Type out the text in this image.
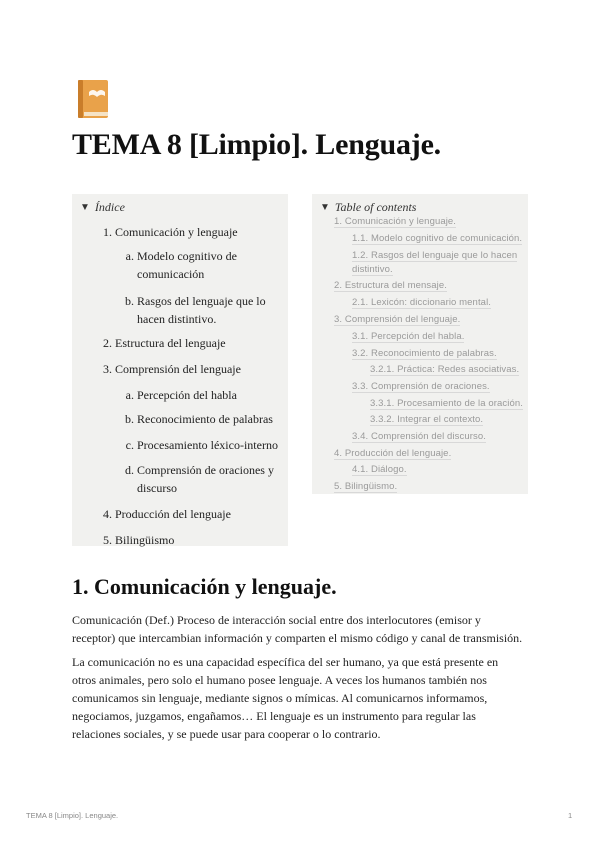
TEMA 8 [Limpio]. Lenguaje.
▼ Índice
1. Comunicación y lenguaje
a. Modelo cognitivo de
comunicación
b. Rasgos del lenguaje que lo
hacen distintivo.
2. Estructura del lenguaje
3. Comprensión del lenguaje
a. Percepción del habla
b. Reconocimiento de palabras
c. Procesamiento léxico-interno
d. Comprensión de oraciones y
discurso
4. Producción del lenguaje
5. Bilingüismo
▼ Table of contents
1. Comunicación y lenguaje.
1.1. Modelo cognitivo de comunicación.
1.2. Rasgos del lenguaje que lo hacen
distintivo.
2. Estructura del mensaje.
2.1. Lexicón: diccionario mental.
3. Comprensión del lenguaje.
3.1. Percepción del habla.
3.2. Reconocimiento de palabras.
3.2.1. Práctica: Redes asociativas.
3.3. Comprensión de oraciones.
3.3.1. Procesamiento de la oración.
3.3.2. Integrar el contexto.
3.4. Comprensión del discurso.
4. Producción del lenguaje.
4.1. Diálogo.
5. Bilingüismo.
1. Comunicación y lenguaje.

Comunicación (Def.) Proceso de interacción social entre dos interlocutores (emisor y

receptor) que intercambian información y comparten el mismo código y canal de transmisión.

La comunicación no es una capacidad específica del ser humano, ya que está presente en

otros animales, pero solo el humano posee lenguaje. A veces los humanos también nos

comunicamos sin lenguaje, mediante signos o mímicas. Al comunicarnos informamos,

negociamos, juzgamos, engañamos… El lenguaje es un instrumento para regular las

relaciones sociales, y se puede usar para cooperar o lo contrario.

TEMA 8 [Limpio]. Lenguaje.	1
